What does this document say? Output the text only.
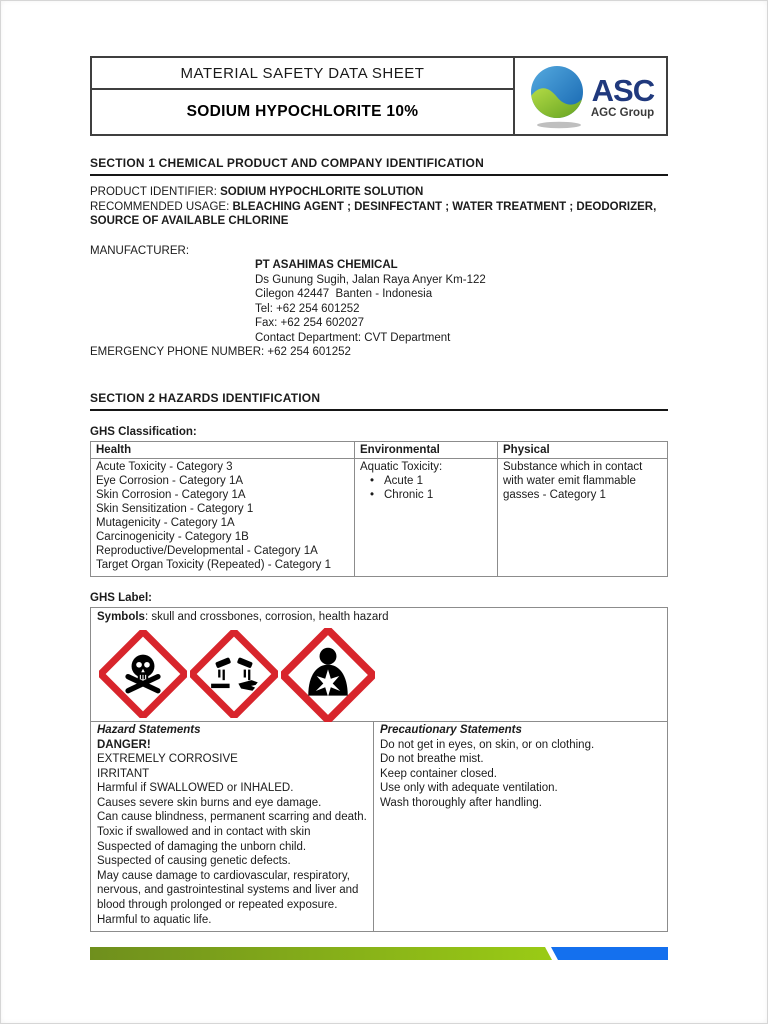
MATERIAL SAFETY DATA SHEET
SODIUM HYPOCHLORITE 10%
ASC
AGC Group
SECTION 1 CHEMICAL PRODUCT AND COMPANY IDENTIFICATION
PRODUCT IDENTIFIER: SODIUM HYPOCHLORITE SOLUTION
RECOMMENDED USAGE: BLEACHING AGENT ; DESINFECTANT ; WATER TREATMENT ; DEODORIZER, SOURCE OF AVAILABLE CHLORINE
MANUFACTURER:
PT ASAHIMAS CHEMICAL
Ds Gunung Sugih, Jalan Raya Anyer Km-122
Cilegon 42447  Banten - Indonesia
Tel: +62 254 601252
Fax: +62 254 602027
Contact Department: CVT Department
EMERGENCY PHONE NUMBER: +62 254 601252
SECTION 2 HAZARDS IDENTIFICATION
GHS Classification:
Health	Environmental	Physical
Acute Toxicity - Category 3
Eye Corrosion - Category 1A
Skin Corrosion - Category 1A
Skin Sensitization - Category 1
Mutagenicity - Category 1A
Carcinogenicity - Category 1B
Reproductive/Developmental - Category 1A
Target Organ Toxicity (Repeated) - Category 1
Aquatic Toxicity:
• Acute 1
• Chronic 1
Substance which in contact with water emit flammable gasses - Category 1
GHS Label:
Symbols: skull and crossbones, corrosion, health hazard
Hazard Statements
DANGER!
EXTREMELY CORROSIVE
IRRITANT
Harmful if SWALLOWED or INHALED.
Causes severe skin burns and eye damage.
Can cause blindness, permanent scarring and death.
Toxic if swallowed and in contact with skin
Suspected of damaging the unborn child.
Suspected of causing genetic defects.
May cause damage to cardiovascular, respiratory, nervous, and gastrointestinal systems and liver and blood through prolonged or repeated exposure.
Harmful to aquatic life.
Precautionary Statements
Do not get in eyes, on skin, or on clothing.
Do not breathe mist.
Keep container closed.
Use only with adequate ventilation.
Wash thoroughly after handling.
